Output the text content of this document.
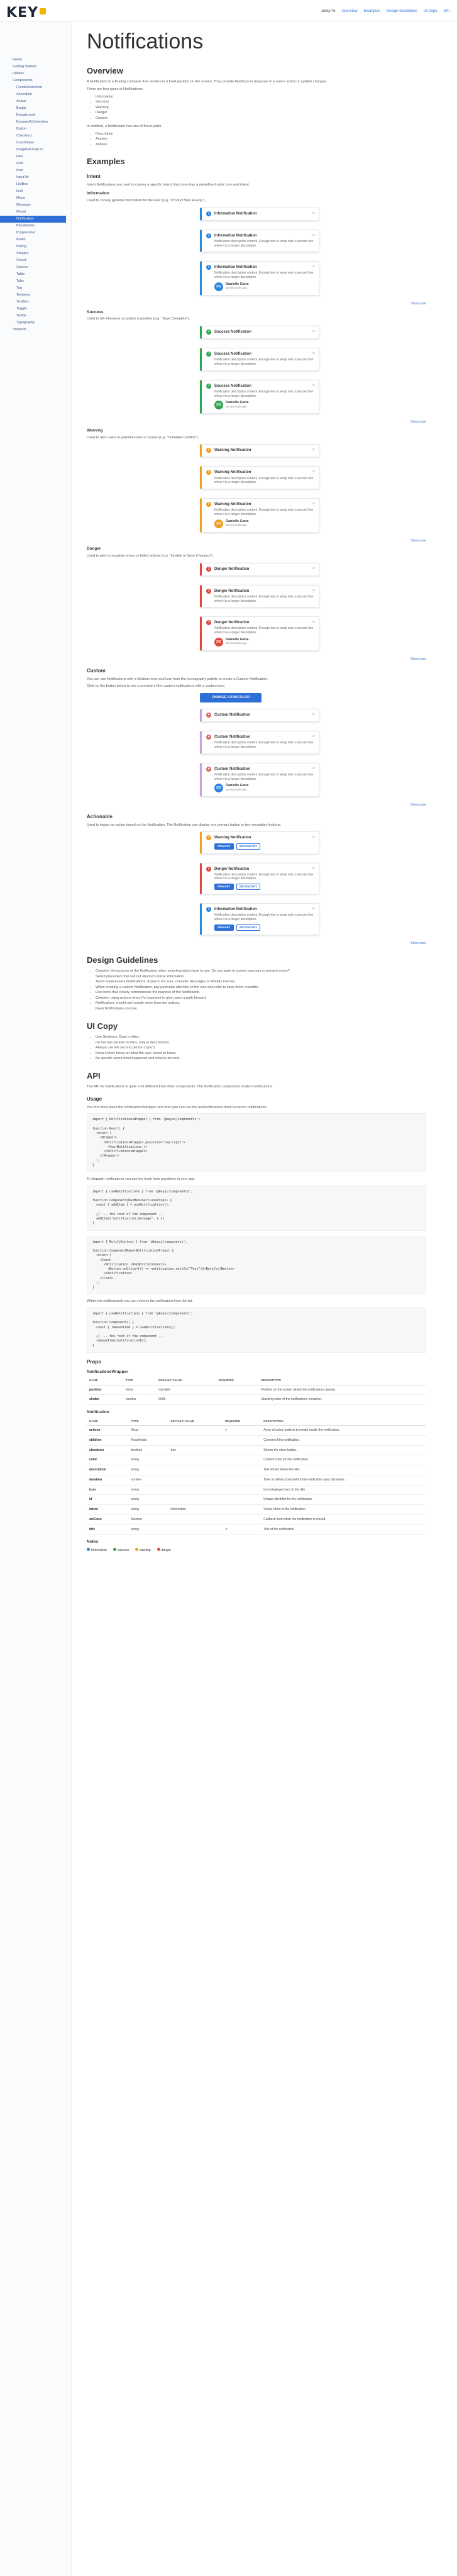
KEY	Jump To Overview Examples Design Guidelines UI Copy API
Home
Getting Started
Utilities
Components
ComboSelection
Accordion
Avatar
Badge
Breadcrumb
BrowserAsSelection
Button
Checkbox
Countdown
DragAndDropList
Flex
Grid
Icon
InputTel
ListBox
Link
Menu
Message
Modal
Notification
Placeholder
Progressbar
Radio
Rating
Stepper
Select
Spinner
Table
Tabs
Tag
Textarea
TextBox
Toggle
Tooltip
Typography
Snippets
Notifications
Overview

A Notification is a floating container that renders in a fixed position on the screen. They provide feedback in response to a user's action or system changes.

There are four types of Notifications:

• Information
• Success
• Warning
• Danger
• Custom

In addition, a Notification has one of these parts:

• Description
• Avatars
• Actions
Examples
Intent

Intent Notifications are used to convey a specific intent. Each one has a predefined color, icon and intent.

Information

Used to convey general information for the user (e.g. "Product Was Ready").

i	Information Notification	×
i	Information Notification	×
Notification description content. Enough text to wrap onto a second line when it is a longer description.
i	Information Notification	×
Notification description content. Enough text to wrap onto a second line when it is a longer description.
DG
Danielle Gana
32 seconds ago
Show code
Success

Used to tell whenever an action is positive (e.g. "Save Complete").

✓ Success Notification	×
✓ Success Notification	×
Notification description content. Enough text to wrap onto a second line when it is a longer description.
✓ Success Notification	×
Notification description content. Enough text to wrap onto a second line when it is a longer description.
DG
Danielle Gana
32 seconds ago
Show code
Warning

Used to alert users to potential risks or issues (e.g. "Schedule Conflict").

!	Warning Notification	×
!	Warning Notification	×
Notification description content. Enough text to wrap onto a second line when it is a longer description.
!	Warning Notification	×
Notification description content. Enough text to wrap onto a second line when it is a longer description.
DG
Danielle Gana
32 seconds ago
Show code
Danger

Used to alert to negative errors or failed actions (e.g. "Unable to Save Changes").

!	Danger Notification	×
!	Danger Notification	×
Notification description content. Enough text to wrap onto a second line when it is a longer description.
!	Danger Notification	×
Notification description content. Enough text to wrap onto a second line when it is a longer description.
DG
Danielle Gana
32 seconds ago
Show code
Custom

You can use Notifications with a Medium tone and Icon from the Iconography palette to create a Custom Notification.

Click on the button below to see a preview of the custom notifications with a custom icon.

CHANGE ICON/COLOR
♥	Custom Notification	×
♥	Custom Notification	×
Notification description content. Enough text to wrap onto a second line when it is a longer description.
♥	Custom Notification	×
Notification description content. Enough text to wrap onto a second line when it is a longer description.
DG
Danielle Gana
32 seconds ago
Show code
Actionable

Used to trigger an action based on the Notification. The Notification can display one primary button or two secondary buttons.

i	Warning Notification	×
PRIMARY	SECONDARY
i	Danger Notification	×
Notification description content. Enough text to wrap onto a second line when it is a longer description.
PRIMARY	SECONDARY
i	Information Notification	×
Notification description content. Enough text to wrap onto a second line when it is a longer description.
PRIMARY	SECONDARY
Show code
Design Guidelines
• Consider the purpose of the Notification when selecting which type to use. Do you want to convey success or present errors?
• Select placement that will not obstruct critical information.
• Avoid unnecessary Notifications. If you're not sure, consider Messages or Modals instead.
• When creating a custom Notification, pay particular attention to the icon and color to keep them readable.
• Use icons that closely communicate the purpose of the Notification.
• Consider using actions when it's important to give users a path forward.
• Notifications should not include more than two actions.
• Keep Notifications concise.
UI Copy
• Use Sentence Case in titles.
• Do not use periods in titles, only in descriptions.
• Always use the second person ("you").
• Keep it brief; focus on what the user needs to know.
• Be specific about what happened and what to do next.
API

The API for Notifications is quite a bit different from other components. The Notification component renders notifications.

Usage

You first must place the NotificationsWrapper and then you can use the useNotifications hook to render notifications.

import { NotificationsWrapper } from '@keyui/components';

function Root() {
return (
<Wrapper>
<NotificationsWrapper position="top-right">
<YourNotifications />
</NotificationsWrapper>
</Wrapper>
);
}

To dispatch notifications you use the hook from anywhere in your app.

import { useNotifications } from '@keyui/components';

function Component(NavMenuSectionsProps) {
const { addItem } = useNotifications();

// ... the rest of the component ...
addItem("notification.message", { })
}
import { NotifyContext } from '@keyui/components';

function ComponentName(NotificationProps) {
return (
<Card>
<Notification id={NotifyContext}>
<Button onClick={() => notification.notify("Test")}>Notify</Button>
</Notification>
</Card>
);
}

Within the notificationId you can remove the notification from the list.

import { useNotifications } from '@keyui/components';

function Component() {
const { removeItem } = useNotifications();

// ... the rest of the component ...
removeItem(notificationId);
}
Props
NotificationsWrapper
NAME	TYPE	DEFAULT VALUE	REQUIRED	DESCRIPTION
position	string	top-right		Position on the screen where the notifications appear.
zIndex	number	9999		Stacking order of the notifications container.
Notification
NAME	TYPE	DEFAULT VALUE	REQUIRED	DESCRIPTION
actions	Array		✔	Array of action buttons to render inside the notification.
children	ReactNode			Content of the notification.
closeIcon	boolean	true		Shows the close button.
color	string			Custom color for the notification.
description	string			Text shown below the title.
duration	number			Time in milliseconds before the notification auto dismisses.
icon	string			Icon displayed next to the title.
id	string			Unique identifier for the notification.
intent	string	information		Visual intent of the notification.
onClose	function			Callback fired when the notification is closed.
title	string		✔	Title of the notification.
Notes
Information	success	warning	danger
